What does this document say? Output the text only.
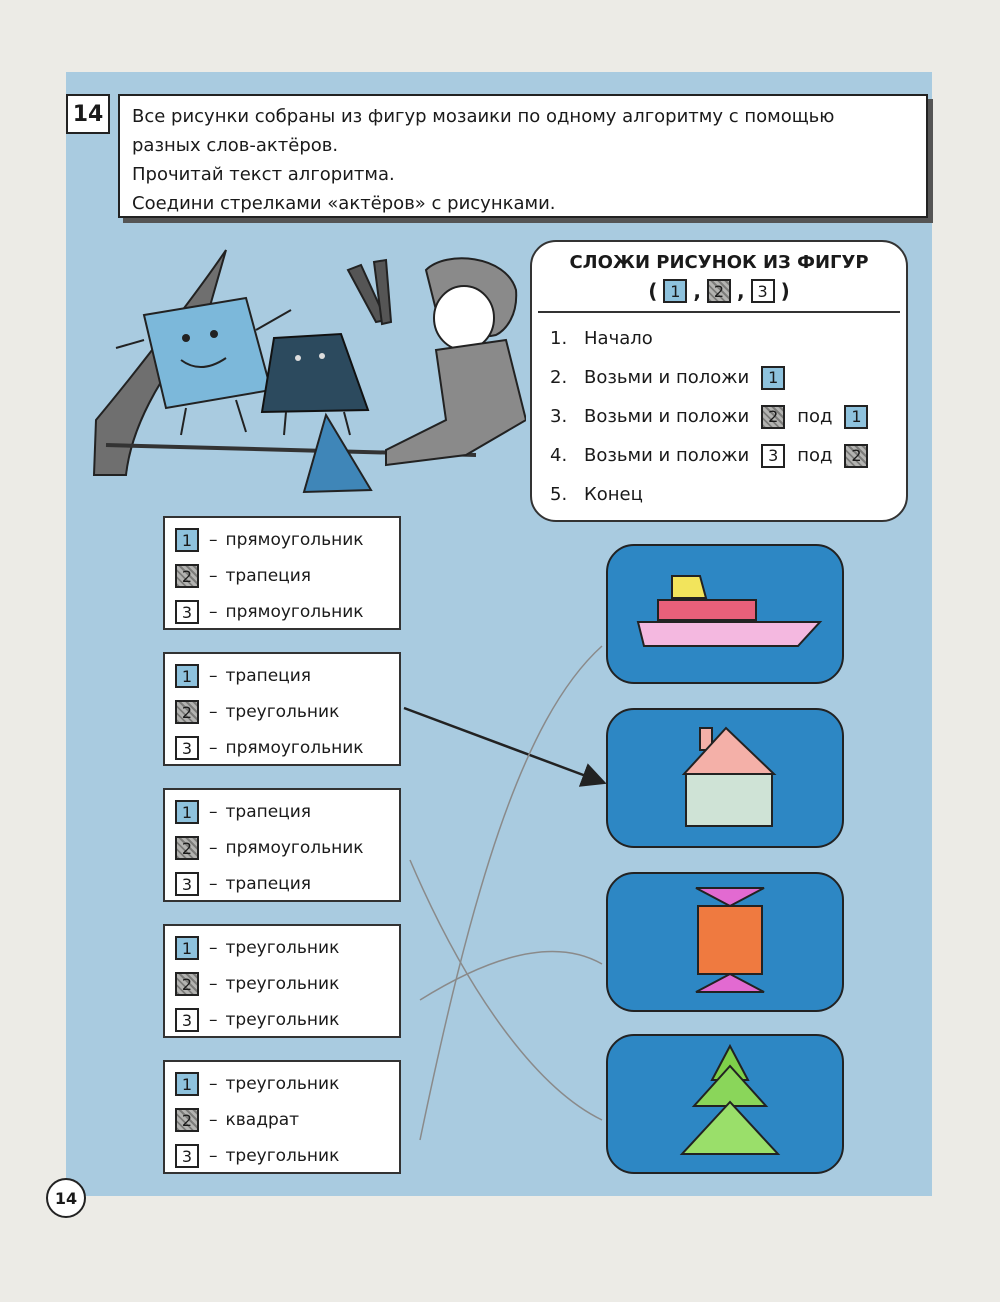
14	Все рисунки собраны из фигур мозаики по одному алгоритму с помощью

разных слов-актёров.

Прочитай текст алгоритма.

Соедини стрелками «актёров» с рисунками.

СЛОЖИ РИСУНОК ИЗ ФИГУР
( 1 , 2 , 3 )
1. Начало
2. Возьми и положи	1
3. Возьми и положи	2	под	1
4. Возьми и положи	3	под	2
5. Конец
1 – прямоугольник
2 – трапеция
3 – прямоугольник
1 – трапеция
2 – треугольник
3 – прямоугольник
1 – трапеция
2 – прямоугольник
3 – трапеция
1 – треугольник
2 – треугольник
3 – треугольник
1 – треугольник
2 – квадрат
3 – треугольник
14
